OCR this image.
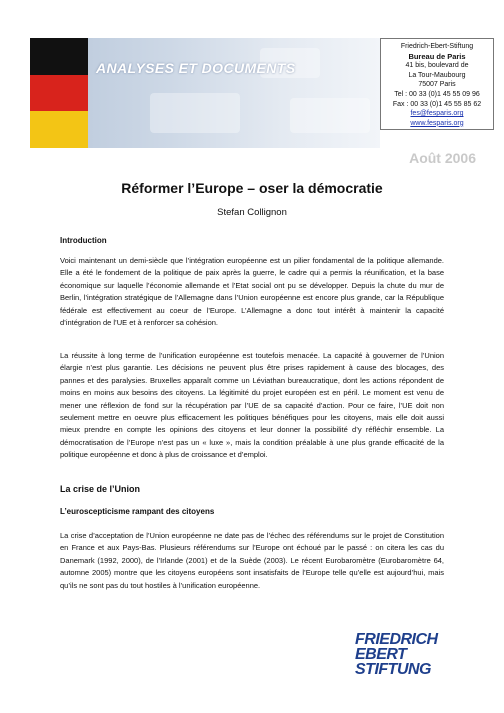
ANALYSES ET DOCUMENTS
Friedrich-Ebert-Stiftung
Bureau de Paris
41 bis, boulevard de
La Tour-Maubourg
75007 Paris
Tel : 00 33 (0)1 45 55 09 96
Fax : 00 33 (0)1 45 55 85 62
fes@fesparis.org
www.fesparis.org
Août 2006
Réformer l’Europe – oser la démocratie
Stefan Collignon
Introduction

Voici maintenant un demi-siècle que l’intégration européenne est un pilier fondamental de la politique allemande. Elle a été le fondement de la politique de paix après la guerre, le cadre qui a permis la réunification, et la base économique sur laquelle l’économie allemande et l’Etat social ont pu se développer. Depuis la chute du mur de Berlin, l’intégration stratégique de l’Allemagne dans l’Union européenne est encore plus grande, car la République fédérale est effectivement au coeur de l’Europe. L’Allemagne a donc tout intérêt à maintenir la capacité d’intégration de l’UE et à renforcer sa cohésion.

La réussite à long terme de l’unification européenne est toutefois menacée. La capacité à gouverner de l’Union élargie n’est plus garantie. Les décisions ne peuvent plus être prises rapidement à cause des blocages, des pannes et des paralysies. Bruxelles apparaît comme un Léviathan bureaucratique, dont les actions répondent de moins en moins aux besoins des citoyens. La légitimité du projet européen est en péril. Le moment est venu de mener une réflexion de fond sur la récupération par l’UE de sa capacité d’action. Pour ce faire, l’UE doit non seulement mettre en oeuvre plus efficacement les politiques bénéfiques pour les citoyens, mais elle doit aussi mieux prendre en compte les opinions des citoyens et leur donner la possibilité d’y réfléchir ensemble. La démocratisation de l’Europe n’est pas un « luxe », mais la condition préalable à une plus grande efficacité de la politique européenne et donc à plus de croissance et d’emploi.

La crise de l’Union
L’euroscepticisme rampant des citoyens

La crise d’acceptation de l’Union européenne ne date pas de l’échec des référendums sur le projet de Constitution en France et aux Pays-Bas. Plusieurs référendums sur l’Europe ont échoué par le passé : on citera les cas du Danemark (1992, 2000), de l’Irlande (2001) et de la Suède (2003). Le récent Eurobaromètre (Eurobaromètre 64, automne 2005) montre que les citoyens européens sont insatisfaits de l’Europe telle qu’elle est aujourd’hui, mais qu’ils ne sont pas du tout hostiles à l’unification européenne.

FRIEDRICH
EBERT
STIFTUNG
